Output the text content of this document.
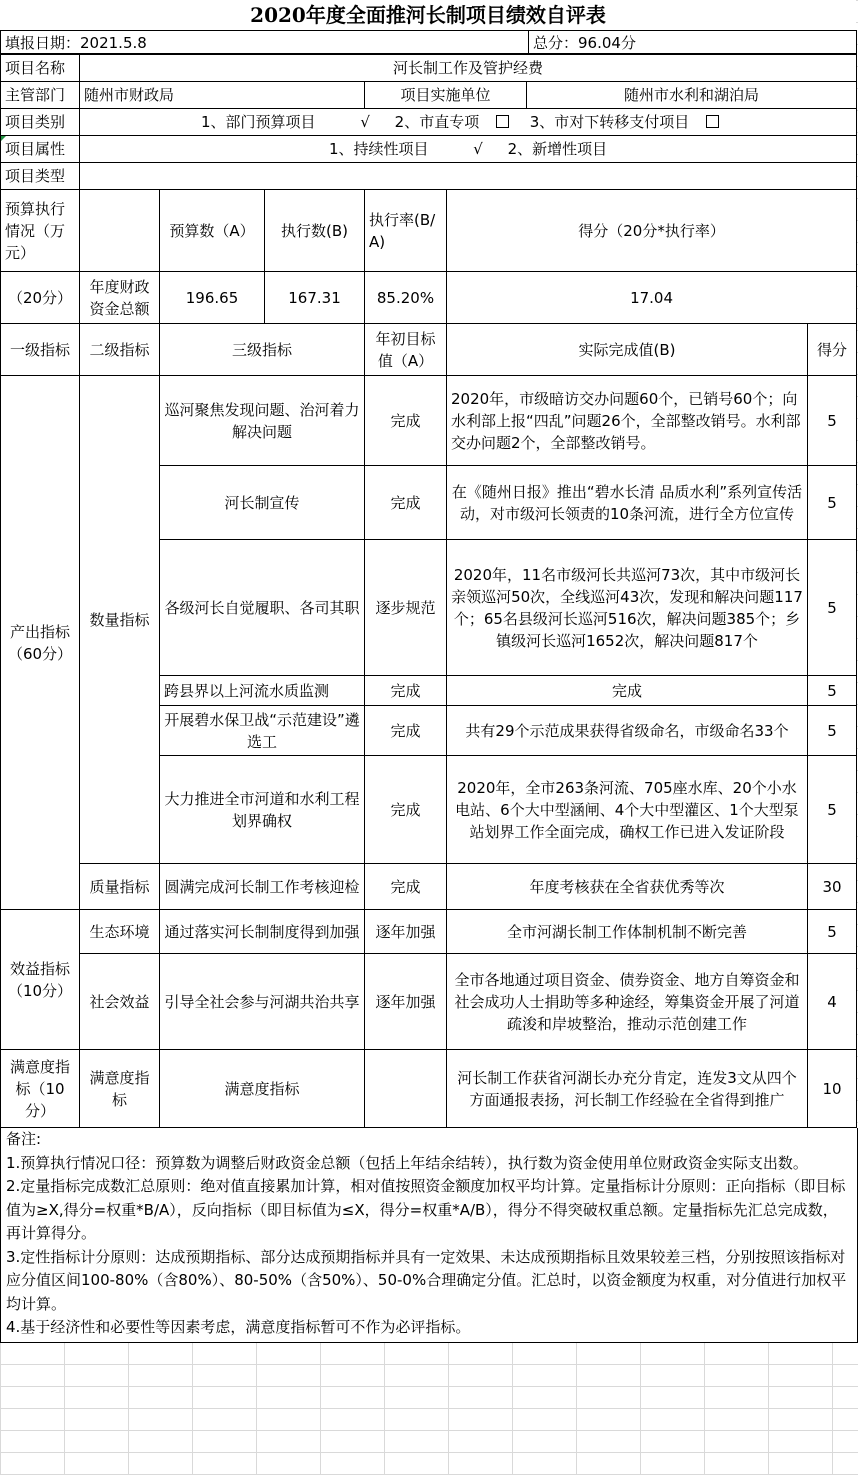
2020年度全面推河长制项目绩效自评表
填报日期：2021.5.8	总分：96.04分
项目名称	河长制工作及管护经费						
主管部门	随州市财政局			项目实施单位		随州市水利和湖泊局	
项目类别	1、部门预算项目 √ 2、市直专项 3、市对下转移支付项目						

项目属性	1、持续性项目 √ 2、新增性项目						
项目类型							
预算执行情况（万元）		预算数（A）	执行数(B)	执行率(B/A)	得分（20分*执行率）		
（20分）	年度财政资金总额	196.65	167.31	85.20%	17.04		
一级指标	二级指标	三级指标		年初目标值（A）	实际完成值(B)		得分
产出指标（60分）	数量指标	巡河聚焦发现问题、治河着力解决问题		完成	2020年，市级暗访交办问题60个，已销号60个；向水利部上报“四乱”问题26个，全部整改销号。水利部交办问题2个，全部整改销号。		5
		河长制宣传		完成	在《随州日报》推出“碧水长清 品质水利”系列宣传活动，对市级河长领责的10条河流，进行全方位宣传		5
		各级河长自觉履职、各司其职		逐步规范	2020年，11名市级河长共巡河73次，其中市级河长亲领巡河50次，全线巡河43次，发现和解决问题117个；65名县级河长巡河516次，解决问题385个；乡镇级河长巡河1652次，解决问题817个		5
		跨县界以上河流水质监测		完成	完成		5
		开展碧水保卫战“示范建设”遴选工		完成	共有29个示范成果获得省级命名，市级命名33个		5
		大力推进全市河道和水利工程划界确权		完成	2020年，全市263条河流、705座水库、20个小水电站、6个大中型涵闸、4个大中型灌区、1个大型泵站划界工作全面完成，确权工作已进入发证阶段		5
	质量指标	圆满完成河长制工作考核迎检		完成	年度考核获在全省获优秀等次		30
效益指标（10分）	生态环境	通过落实河长制制度得到加强		逐年加强	全市河湖长制工作体制机制不断完善		5
	社会效益	引导全社会参与河湖共治共享		逐年加强	全市各地通过项目资金、债券资金、地方自筹资金和社会成功人士捐助等多种途经，筹集资金开展了河道疏浚和岸坡整治，推动示范创建工作		4
满意度指标（10分）	满意度指标	满意度指标			河长制工作获省河湖长办充分肯定，连发3文从四个方面通报表扬，河长制工作经验在全省得到推广		10
备注:
1.预算执行情况口径：预算数为调整后财政资金总额（包括上年结余结转），执行数为资金使用单位财政资金实际支出数。
2.定量指标完成数汇总原则：绝对值直接累加计算，相对值按照资金额度加权平均计算。定量指标计分原则：正向指标（即目标值为≥X,得分=权重*B/A），反向指标（即目标值为≤X，得分=权重*A/B），得分不得突破权重总额。定量指标先汇总完成数，再计算得分。
3.定性指标计分原则：达成预期指标、部分达成预期指标并具有一定效果、未达成预期指标且效果较差三档，分别按照该指标对应分值区间100-80%（含80%）、80-50%（含50%）、50-0%合理确定分值。汇总时，以资金额度为权重，对分值进行加权平均计算。
4.基于经济性和必要性等因素考虑，满意度指标暂可不作为必评指标。
